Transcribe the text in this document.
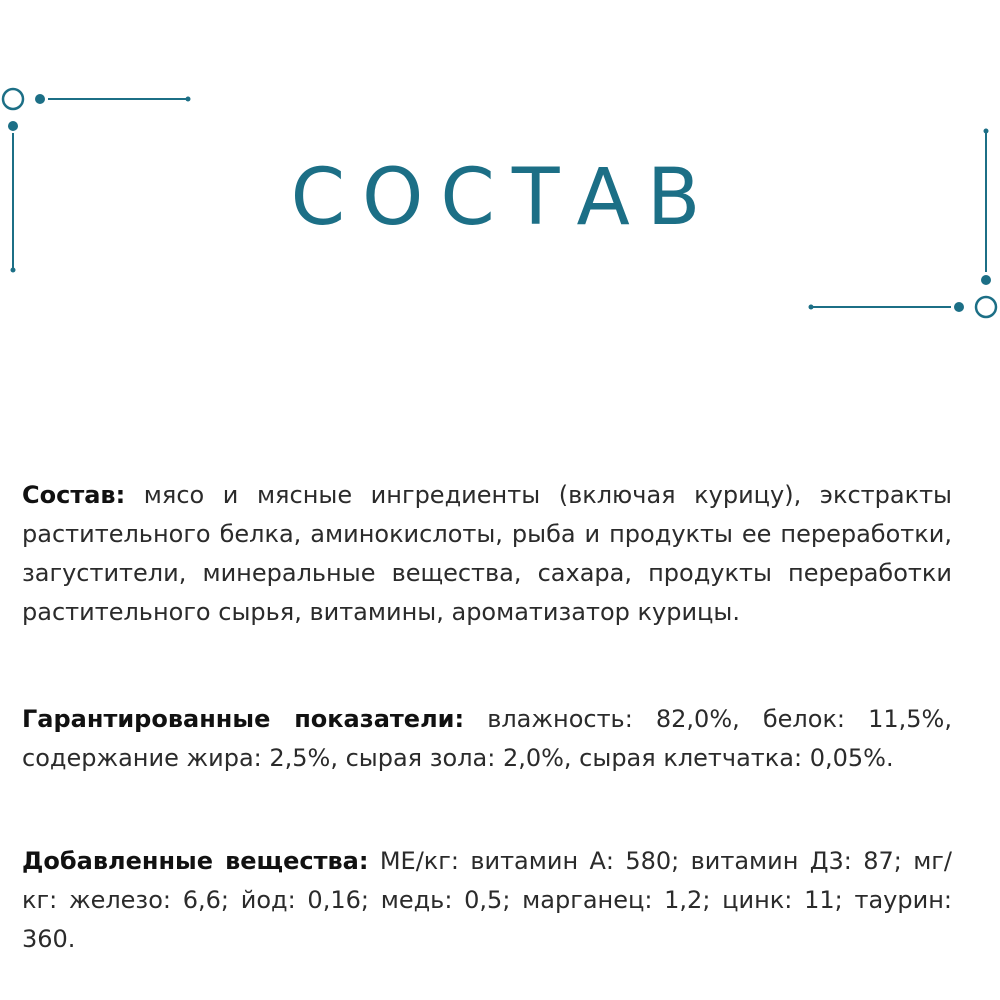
СОСТАВ

Состав: мясо и мясные ингредиенты (включая курицу), экстракты растительного белка, аминокислоты, рыба и продукты ее переработки, загустители, минеральные вещества, сахара, продукты переработки растительного сырья, витамины, ароматизатор курицы.

Гарантированные показатели: влажность: 82,0%, белок: 11,5%, содержание жира: 2,5%, сырая зола: 2,0%, сырая клетчатка: 0,05%.

Добавленные вещества: МЕ/кг: витамин А: 580; витамин Д3: 87; мг/кг: железо: 6,6; йод: 0,16; медь: 0,5; марганец: 1,2; цинк: 11; таурин: 360.
